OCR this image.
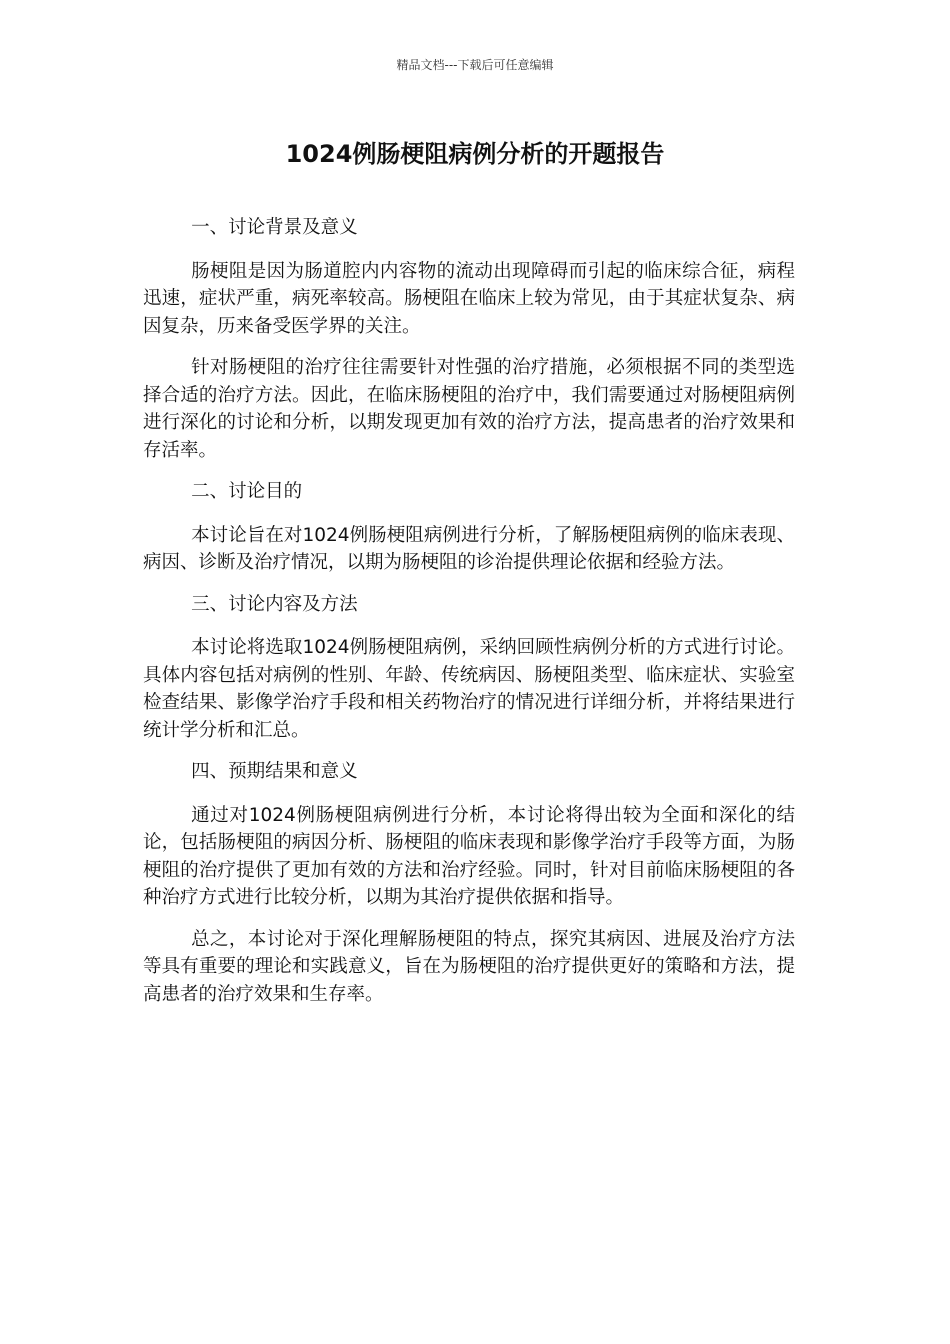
精品文档---下载后可任意编辑
1024例肠梗阻病例分析的开题报告

一、讨论背景及意义

肠梗阻是因为肠道腔内内容物的流动出现障碍而引起的临床综合征，病程迅速，症状严重，病死率较高。肠梗阻在临床上较为常见，由于其症状复杂、病因复杂，历来备受医学界的关注。

针对肠梗阻的治疗往往需要针对性强的治疗措施，必须根据不同的类型选择合适的治疗方法。因此，在临床肠梗阻的治疗中，我们需要通过对肠梗阻病例进行深化的讨论和分析，以期发现更加有效的治疗方法，提高患者的治疗效果和存活率。

二、讨论目的

本讨论旨在对1024例肠梗阻病例进行分析，了解肠梗阻病例的临床表现、病因、诊断及治疗情况，以期为肠梗阻的诊治提供理论依据和经验方法。

三、讨论内容及方法

本讨论将选取1024例肠梗阻病例，采纳回顾性病例分析的方式进行讨论。具体内容包括对病例的性别、年龄、传统病因、肠梗阻类型、临床症状、实验室检查结果、影像学治疗手段和相关药物治疗的情况进行详细分析，并将结果进行统计学分析和汇总。

四、预期结果和意义

通过对1024例肠梗阻病例进行分析，本讨论将得出较为全面和深化的结论，包括肠梗阻的病因分析、肠梗阻的临床表现和影像学治疗手段等方面，为肠梗阻的治疗提供了更加有效的方法和治疗经验。同时，针对目前临床肠梗阻的各种治疗方式进行比较分析，以期为其治疗提供依据和指导。

总之，本讨论对于深化理解肠梗阻的特点，探究其病因、进展及治疗方法等具有重要的理论和实践意义，旨在为肠梗阻的治疗提供更好的策略和方法，提高患者的治疗效果和生存率。
